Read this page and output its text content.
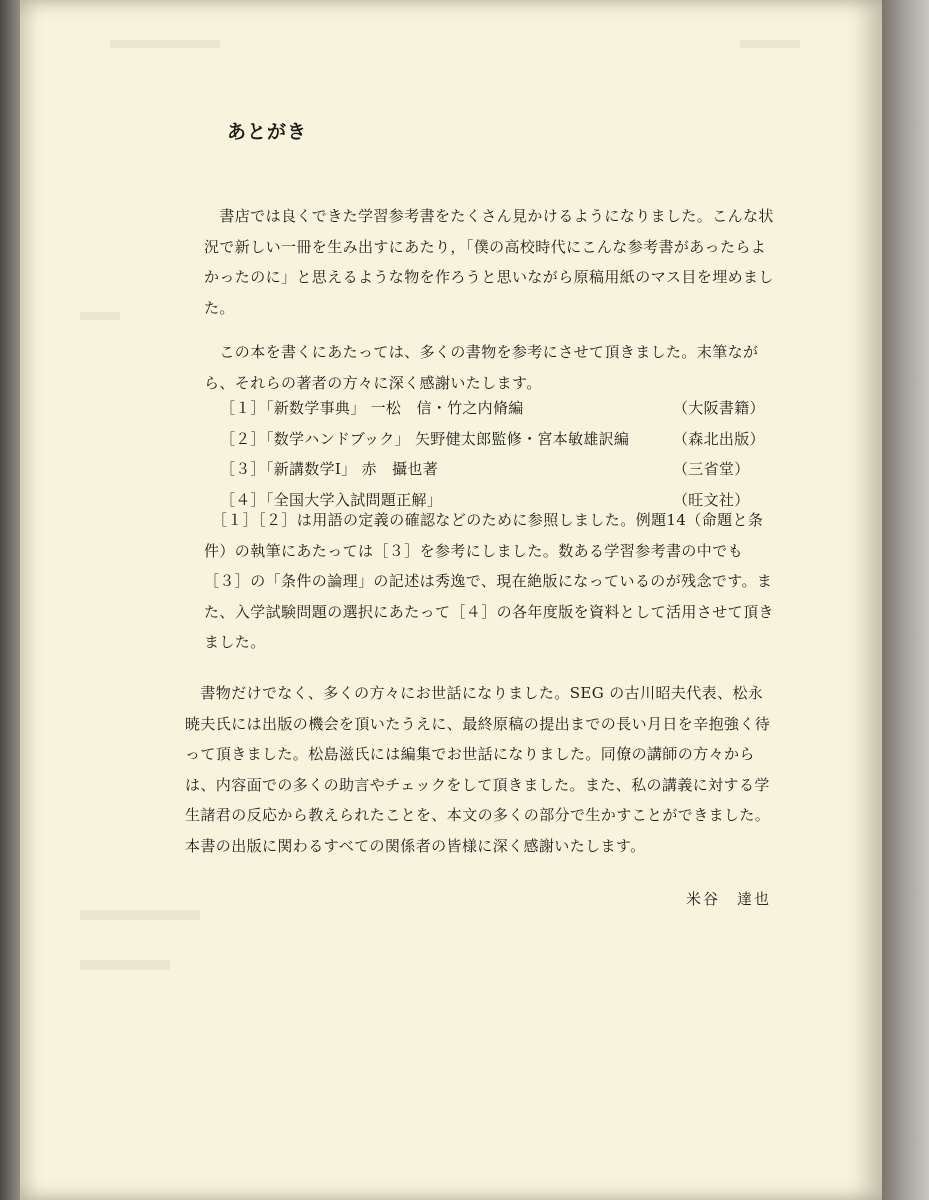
あとがき

　書店では良くできた学習参考書をたくさん見かけるようになりました。こんな状況で新しい一冊を生み出すにあたり，「僕の高校時代にこんな参考書があったらよかったのに」と思えるような物を作ろうと思いながら原稿用紙のマス目を埋めました。

　この本を書くにあたっては、多くの書物を参考にさせて頂きました。末筆ながら、それらの著者の方々に深く感謝いたします。

［１］「新数学事典」 一松　信・竹之内脩編	（大阪書籍）
［２］「数学ハンドブック」 矢野健太郎監修・宮本敏雄訳編	（森北出版）
［３］「新講数学Ⅰ」 赤　攝也著	（三省堂）
［４］「全国大学入試問題正解」	（旺文社）

　［１］［２］は用語の定義の確認などのために参照しました。例題14（命題と条件）の執筆にあたっては［３］を参考にしました。数ある学習参考書の中でも［３］の「条件の論理」の記述は秀逸で、現在絶版になっているのが残念です。また、入学試験問題の選択にあたって［４］の各年度版を資料として活用させて頂きました。

　書物だけでなく、多くの方々にお世話になりました。SEG の古川昭夫代表、松永暁夫氏には出版の機会を頂いたうえに、最終原稿の提出までの長い月日を辛抱強く待って頂きました。松島滋氏には編集でお世話になりました。同僚の講師の方々からは、内容面での多くの助言やチェックをして頂きました。また、私の講義に対する学生諸君の反応から教えられたことを、本文の多くの部分で生かすことができました。本書の出版に関わるすべての関係者の皆様に深く感謝いたします。

米谷　達也
